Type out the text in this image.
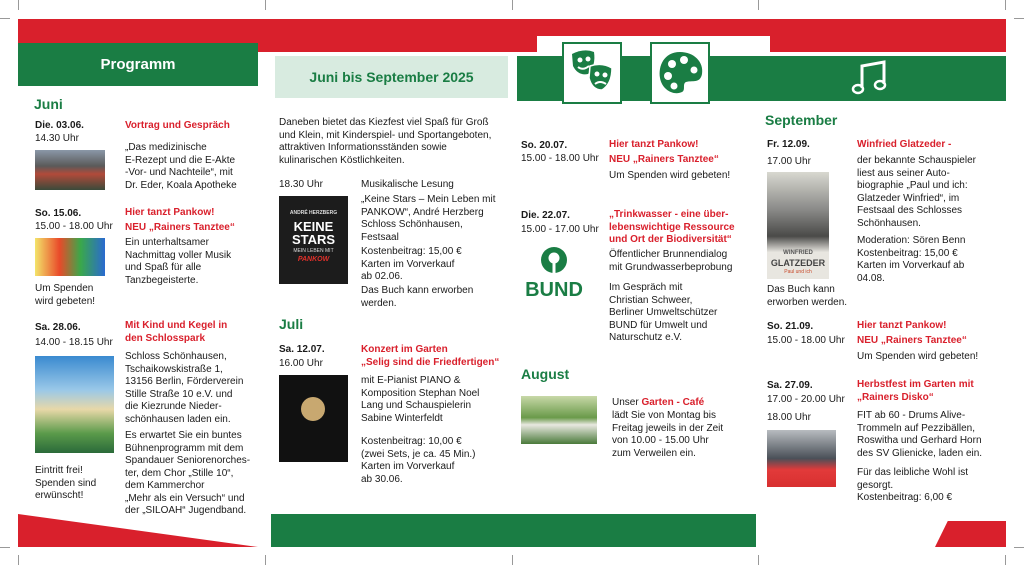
Programm
Juni bis September 2025
Juni
Die. 03.06.
14.30 Uhr
Vortrag und Gespräch
„Das medizinische
E-Rezept und die E-Akte
-Vor- und Nachteile“, mit
Dr. Eder, Koala Apotheke
So. 15.06.
15.00 - 18.00 Uhr
Hier tanzt Pankow!
NEU „Rainers Tanztee“
Ein unterhaltsamer
Nachmittag voller Musik
und Spaß für alle
Tanzbegeisterte.
Um Spenden
wird gebeten!
Sa. 28.06.
14.00 - 18.15 Uhr
Mit Kind und Kegel in
den Schlosspark
Schloss Schönhausen,
Tschaikowskistraße 1,
13156 Berlin, Förderverein
Stille Straße 10 e.V. und
die Kiezrunde Nieder-
schönhausen laden ein.
Es erwartet Sie ein buntes
Bühnenprogramm mit dem
Spandauer Seniorenorches-
ter, dem Chor „Stille 10“,
dem Kammerchor
„Mehr als ein Versuch“ und
der „SILOAH“ Jugendband.
Eintritt frei!
Spenden sind
erwünscht!
Daneben bietet das Kiezfest viel Spaß für Groß
und Klein, mit Kinderspiel- und Sportangeboten,
attraktiven Informationsständen sowie
kulinarischen Köstlichkeiten.
18.30 Uhr	Musikalische Lesung
ANDRÉ HERZBERG
KEINE STARS
MEIN LEBEN MIT
PANKOW
„Keine Stars – Mein Leben mit
PANKOW“, André Herzberg
Schloss Schönhausen,
Festsaal
Kostenbeitrag: 15,00 €
Karten im Vorverkauf
ab 02.06.
Das Buch kann erworben
werden.
Juli
Sa. 12.07.
16.00 Uhr
Konzert im Garten
„Selig sind die Friedfertigen“
mit E-Pianist PIANO &
Komposition Stephan Noel
Lang und Schauspielerin
Sabine Winterfeldt
Kostenbeitrag: 10,00 €
(zwei Sets, je ca. 45 Min.)
Karten im Vorverkauf
ab 30.06.
So. 20.07.
15.00 - 18.00 Uhr
Hier tanzt Pankow!
NEU „Rainers Tanztee“
Um Spenden wird gebeten!
Die. 22.07.
15.00 - 17.00 Uhr
„Trinkwasser - eine über-
lebenswichtige Ressource
und Ort der Biodiversität“
BUND
Öffentlicher Brunnendialog
mit Grundwasserbeprobung
Im Gespräch mit
Christian Schweer,
Berliner Umweltschützer
BUND für Umwelt und
Naturschutz e.V.
August
Unser Garten - Café
lädt Sie von Montag bis
Freitag jeweils in der Zeit
von 10.00 - 15.00 Uhr
zum Verweilen ein.
September
Fr. 12.09.
17.00 Uhr
Winfried Glatzeder -
WINFRIED
GLATZEDER
Paul und ich
der bekannte Schauspieler
liest aus seiner Auto-
biographie „Paul und ich:
Glatzeder Winfried“, im
Festsaal des Schlosses
Schönhausen.
Moderation: Sören Benn
Kostenbeitrag: 15,00 €
Karten im Vorverkauf ab
04.08.
Das Buch kann
erworben werden.
So. 21.09.
15.00 - 18.00 Uhr
Hier tanzt Pankow!
NEU „Rainers Tanztee“
Um Spenden wird gebeten!
Sa. 27.09.
17.00 - 20.00 Uhr
18.00 Uhr
Herbstfest im Garten mit
„Rainers Disko“
FIT ab 60 - Drums Alive-
Trommeln auf Pezzibällen,
Roswitha und Gerhard Horn
des SV Glienicke, laden ein.
Für das leibliche Wohl ist
gesorgt.
Kostenbeitrag: 6,00 €
